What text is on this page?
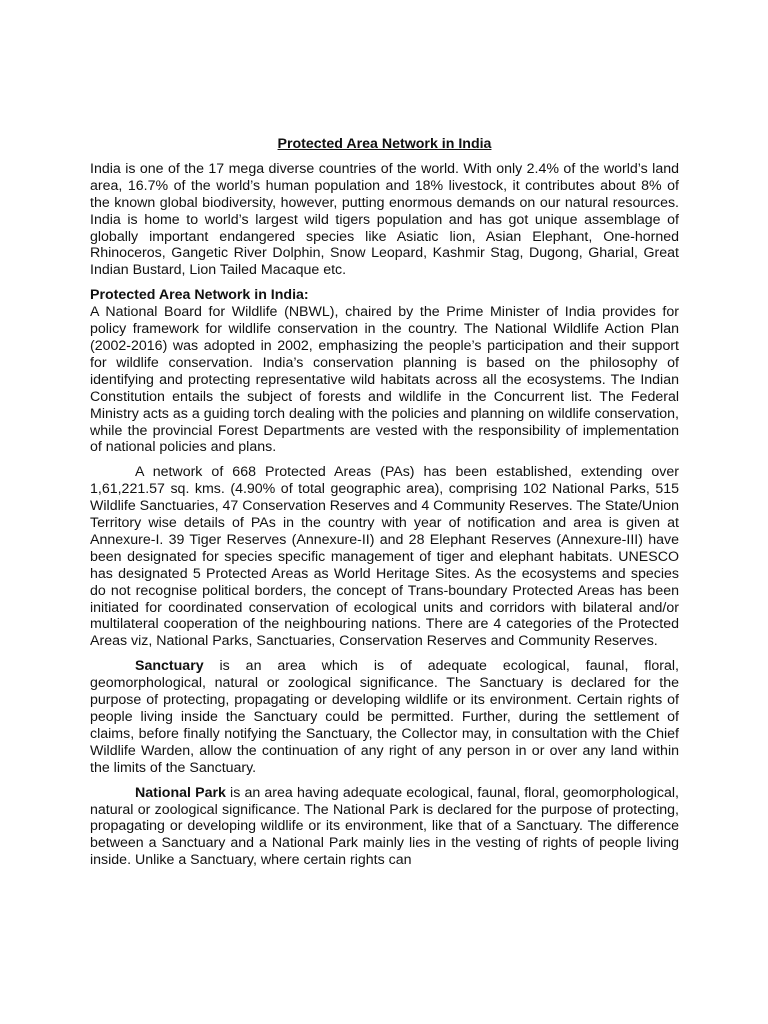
Protected Area Network in India

India is one of the 17 mega diverse countries of the world. With only 2.4% of the world’s land area, 16.7% of the world’s human population and 18% livestock, it contributes about 8% of the known global biodiversity, however, putting enormous demands on our natural resources. India is home to world’s largest wild tigers population and has got unique assemblage of globally important endangered species like Asiatic lion, Asian Elephant, One-horned Rhinoceros, Gangetic River Dolphin, Snow Leopard, Kashmir Stag, Dugong, Gharial, Great Indian Bustard, Lion Tailed Macaque etc.

Protected Area Network in India:

A National Board for Wildlife (NBWL), chaired by the Prime Minister of India provides for policy framework for wildlife conservation in the country. The National Wildlife Action Plan (2002-2016) was adopted in 2002, emphasizing the people’s participation and their support for wildlife conservation. India’s conservation planning is based on the philosophy of identifying and protecting representative wild habitats across all the ecosystems. The Indian Constitution entails the subject of forests and wildlife in the Concurrent list. The Federal Ministry acts as a guiding torch dealing with the policies and planning on wildlife conservation, while the provincial Forest Departments are vested with the responsibility of implementation of national policies and plans.

A network of 668 Protected Areas (PAs) has been established, extending over 1,61,221.57 sq. kms. (4.90% of total geographic area), comprising 102 National Parks, 515 Wildlife Sanctuaries, 47 Conservation Reserves and 4 Community Reserves. The State/Union Territory wise details of PAs in the country with year of notification and area is given at Annexure-I. 39 Tiger Reserves (Annexure-II) and 28 Elephant Reserves (Annexure-III) have been designated for species specific management of tiger and elephant habitats. UNESCO has designated 5 Protected Areas as World Heritage Sites. As the ecosystems and species do not recognise political borders, the concept of Trans-boundary Protected Areas has been initiated for coordinated conservation of ecological units and corridors with bilateral and/or multilateral cooperation of the neighbouring nations. There are 4 categories of the Protected Areas viz, National Parks, Sanctuaries, Conservation Reserves and Community Reserves.

Sanctuary is an area which is of adequate ecological, faunal, floral, geomorphological, natural or zoological significance. The Sanctuary is declared for the purpose of protecting, propagating or developing wildlife or its environment. Certain rights of people living inside the Sanctuary could be permitted. Further, during the settlement of claims, before finally notifying the Sanctuary, the Collector may, in consultation with the Chief Wildlife Warden, allow the continuation of any right of any person in or over any land within the limits of the Sanctuary.

National Park is an area having adequate ecological, faunal, floral, geomorphological, natural or zoological significance. The National Park is declared for the purpose of protecting, propagating or developing wildlife or its environment, like that of a Sanctuary. The difference between a Sanctuary and a National Park mainly lies in the vesting of rights of people living inside. Unlike a Sanctuary, where certain rights can
